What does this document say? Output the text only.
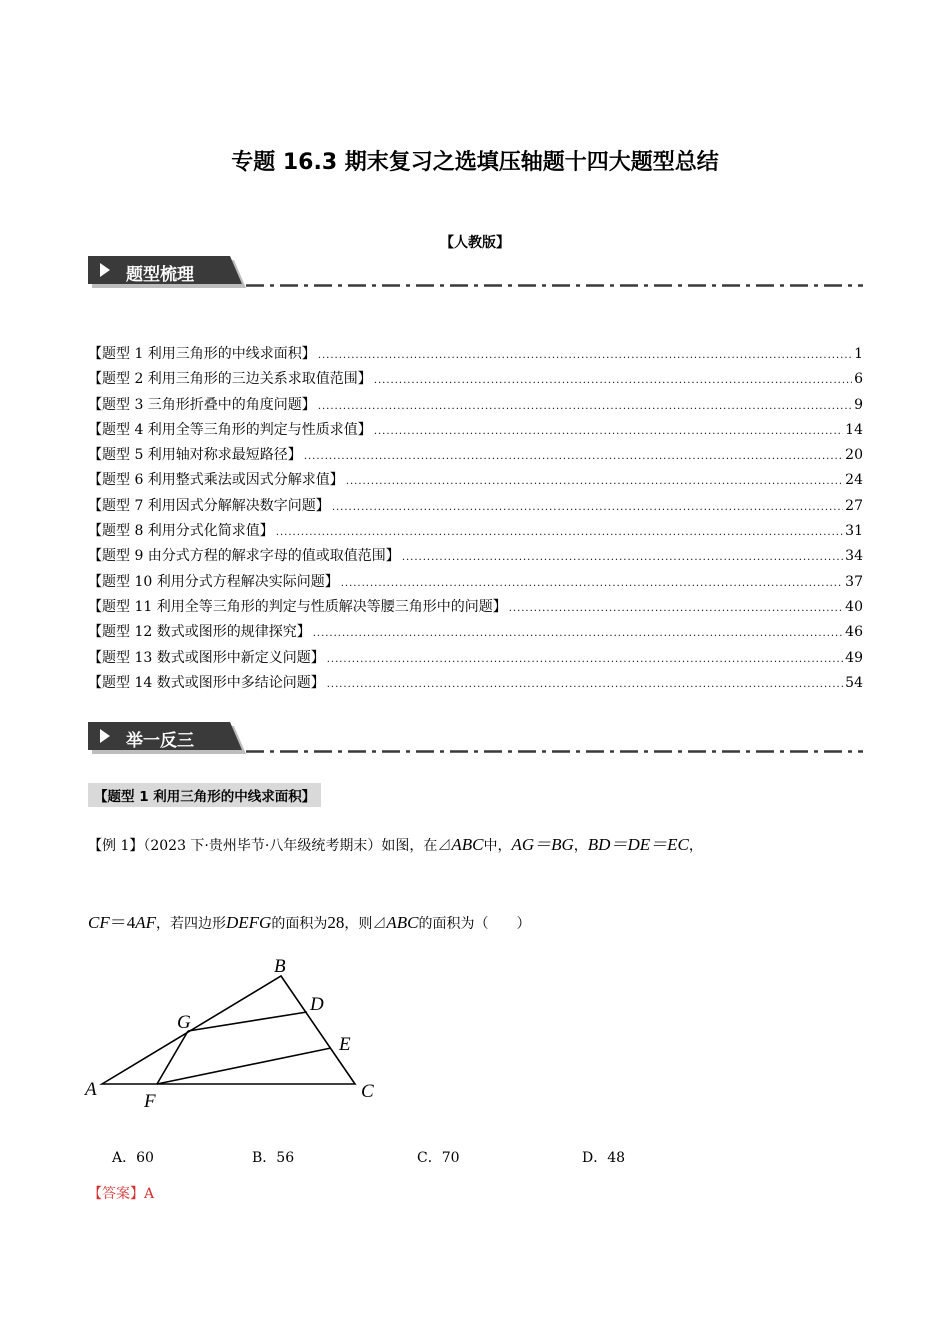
专题 16.3 期末复习之选填压轴题十四大题型总结
【人教版】
题型梳理
【题型 1 利用三角形的中线求面积】 .....	1
【题型 2 利用三角形的三边关系求取值范围】 .....	6
【题型 3 三角形折叠中的角度问题】 .....	9
【题型 4 利用全等三角形的判定与性质求值】 .....	14
【题型 5 利用轴对称求最短路径】 .....	20
【题型 6 利用整式乘法或因式分解求值】 .....	24
【题型 7 利用因式分解解决数字问题】 .....	27
【题型 8 利用分式化简求值】 .....	31
【题型 9 由分式方程的解求字母的值或取值范围】 .....	34
【题型 10 利用分式方程解决实际问题】 .....	37
【题型 11 利用全等三角形的判定与性质解决等腰三角形中的问题】 .....	40
【题型 12 数式或图形的规律探究】 .....	46
【题型 13 数式或图形中新定义问题】 .....	49
【题型 14 数式或图形中多结论问题】 .....	54
举一反三
【题型 1 利用三角形的中线求面积】
【例 1】（2023 下·贵州毕节·八年级统考期末）如图，在⊿ABC中，AG＝BG，BD＝DE＝EC，
CF＝4AF，若四边形DEFG的面积为28，则⊿ABC的面积为（　　）
A
B
C
D
E
F
G
A．60	B．56	C．70	D．48
【答案】A
